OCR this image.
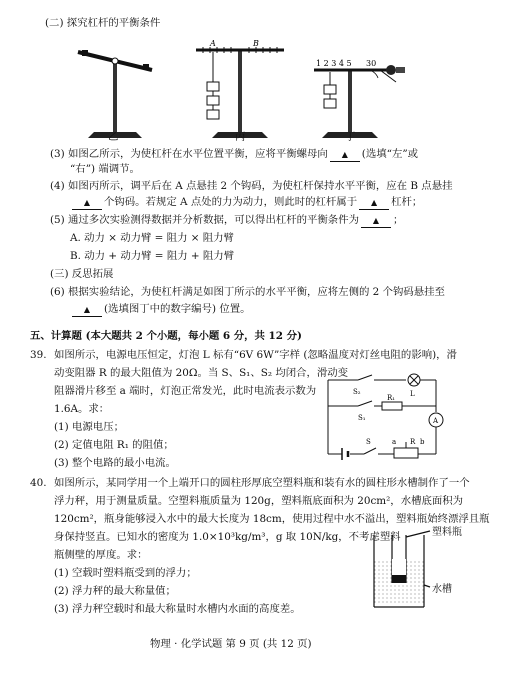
(二) 探究杠杆的平衡条件
A	B
1 2 3 4 5 30
乙	丙	丁
(3) 如图乙所示，为使杠杆在水平位置平衡，应将平衡螺母向 ▲	(选填“左”或
“右”) 端调节。
(4) 如图丙所示，调平后在 A 点悬挂 2 个钩码，为使杠杆保持水平平衡，应在 B 点悬挂
▲个钩码。若规定 A 点处的力为动力，则此时的杠杆属于 ▲	杠杆；
(5) 通过多次实验测得数据并分析数据，可以得出杠杆的平衡条件为 ▲	；
A. 动力 × 动力臂 = 阻力 × 阻力臂
B. 动力 + 动力臂 = 阻力 + 阻力臂
(三) 反思拓展
(6) 根据实验结论，为使杠杆满足如图丁所示的水平平衡，应将左侧的 2 个钩码悬挂至
▲(选填图丁中的数字编号) 位置。
五、计算题 (本大题共 2 个小题，每小题 6 分，共 12 分)
39. 如图所示，电源电压恒定，灯泡 L 标有“6V 6W”字样 (忽略温度对灯丝电阻的影响)，滑
动变阻器 R 的最大阻值为 20Ω。当 S、S₁、S₂ 均闭合，滑动变
阻器滑片移至 a 端时，灯泡正常发光，此时电流表示数为
1.6A。求：
(1) 电源电压；
(2) 定值电阻 R₁ 的阻值；
(3) 整个电路的最小电流。
S₂	L
S₁
R₁
S	a R b
A
40. 如图所示，某同学用一个上端开口的圆柱形厚底空塑料瓶和装有水的圆柱形水槽制作了一个
浮力秤，用于测量质量。空塑料瓶质量为 120g，塑料瓶底面积为 20cm²，水槽底面积为
120cm²，瓶身能够浸入水中的最大长度为 18cm，使用过程中水不溢出，塑料瓶始终漂浮且瓶
身保持竖直。已知水的密度为 1.0×10³kg/m³，g 取 10N/kg，不考虑塑料
瓶侧壁的厚度。求：
(1) 空载时塑料瓶受到的浮力；
(2) 浮力秤的最大称量值；
(3) 浮力秤空载时和最大称量时水槽内水面的高度差。
塑料瓶
水槽
物理 · 化学试题 第 9 页 (共 12 页)
